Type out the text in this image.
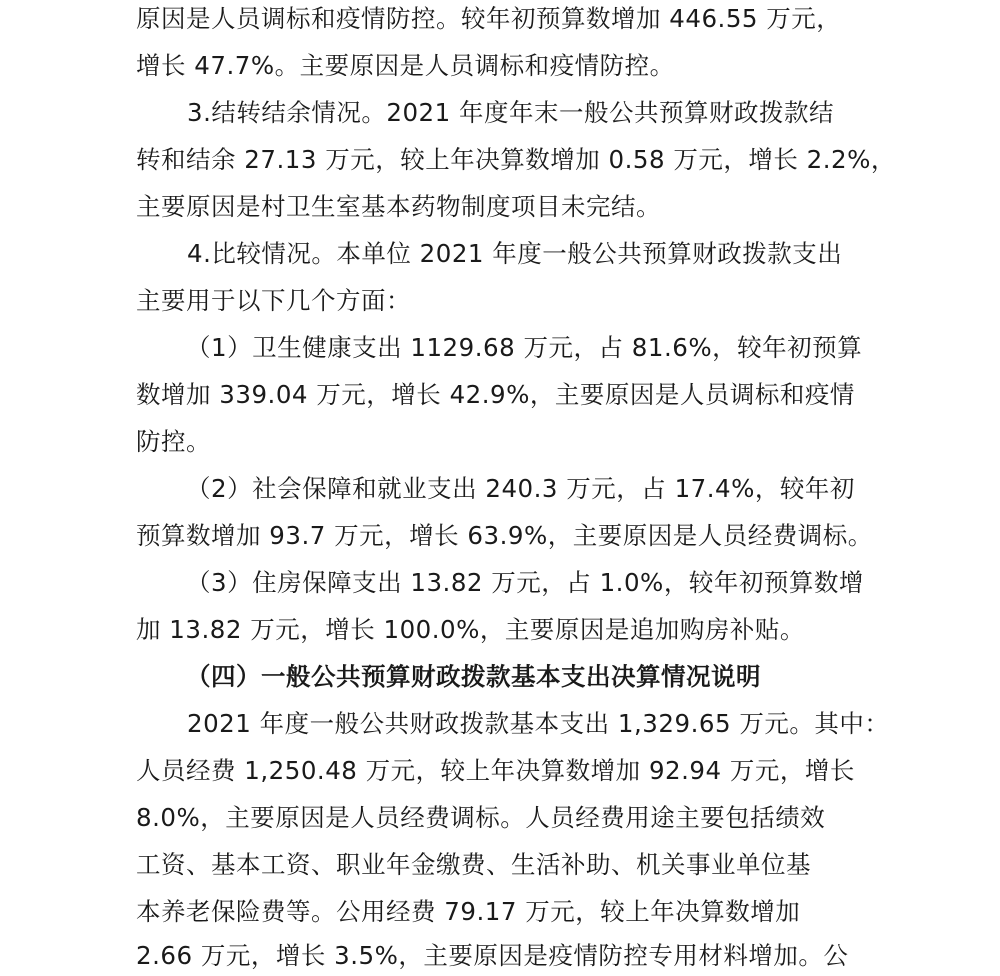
原因是人员调标和疫情防控。较年初预算数增加 446.55 万元，
增长 47.7%。主要原因是人员调标和疫情防控。
3.结转结余情况。2021 年度年末一般公共预算财政拨款结
转和结余 27.13 万元，较上年决算数增加 0.58 万元，增长 2.2%，
主要原因是村卫生室基本药物制度项目未完结。
4.比较情况。本单位 2021 年度一般公共预算财政拨款支出
主要用于以下几个方面：
（1）卫生健康支出 1129.68 万元，占 81.6%，较年初预算
数增加 339.04 万元，增长 42.9%，主要原因是人员调标和疫情
防控。
（2）社会保障和就业支出 240.3 万元，占 17.4%，较年初
预算数增加 93.7 万元，增长 63.9%，主要原因是人员经费调标。
（3）住房保障支出 13.82 万元，占 1.0%，较年初预算数增
加 13.82 万元，增长 100.0%，主要原因是追加购房补贴。
（四）一般公共预算财政拨款基本支出决算情况说明
2021 年度一般公共财政拨款基本支出 1,329.65 万元。其中：
人员经费 1,250.48 万元，较上年决算数增加 92.94 万元，增长
8.0%，主要原因是人员经费调标。人员经费用途主要包括绩效
工资、基本工资、职业年金缴费、生活补助、机关事业单位基
本养老保险费等。公用经费 79.17 万元，较上年决算数增加
2.66 万元，增长 3.5%，主要原因是疫情防控专用材料增加。公
